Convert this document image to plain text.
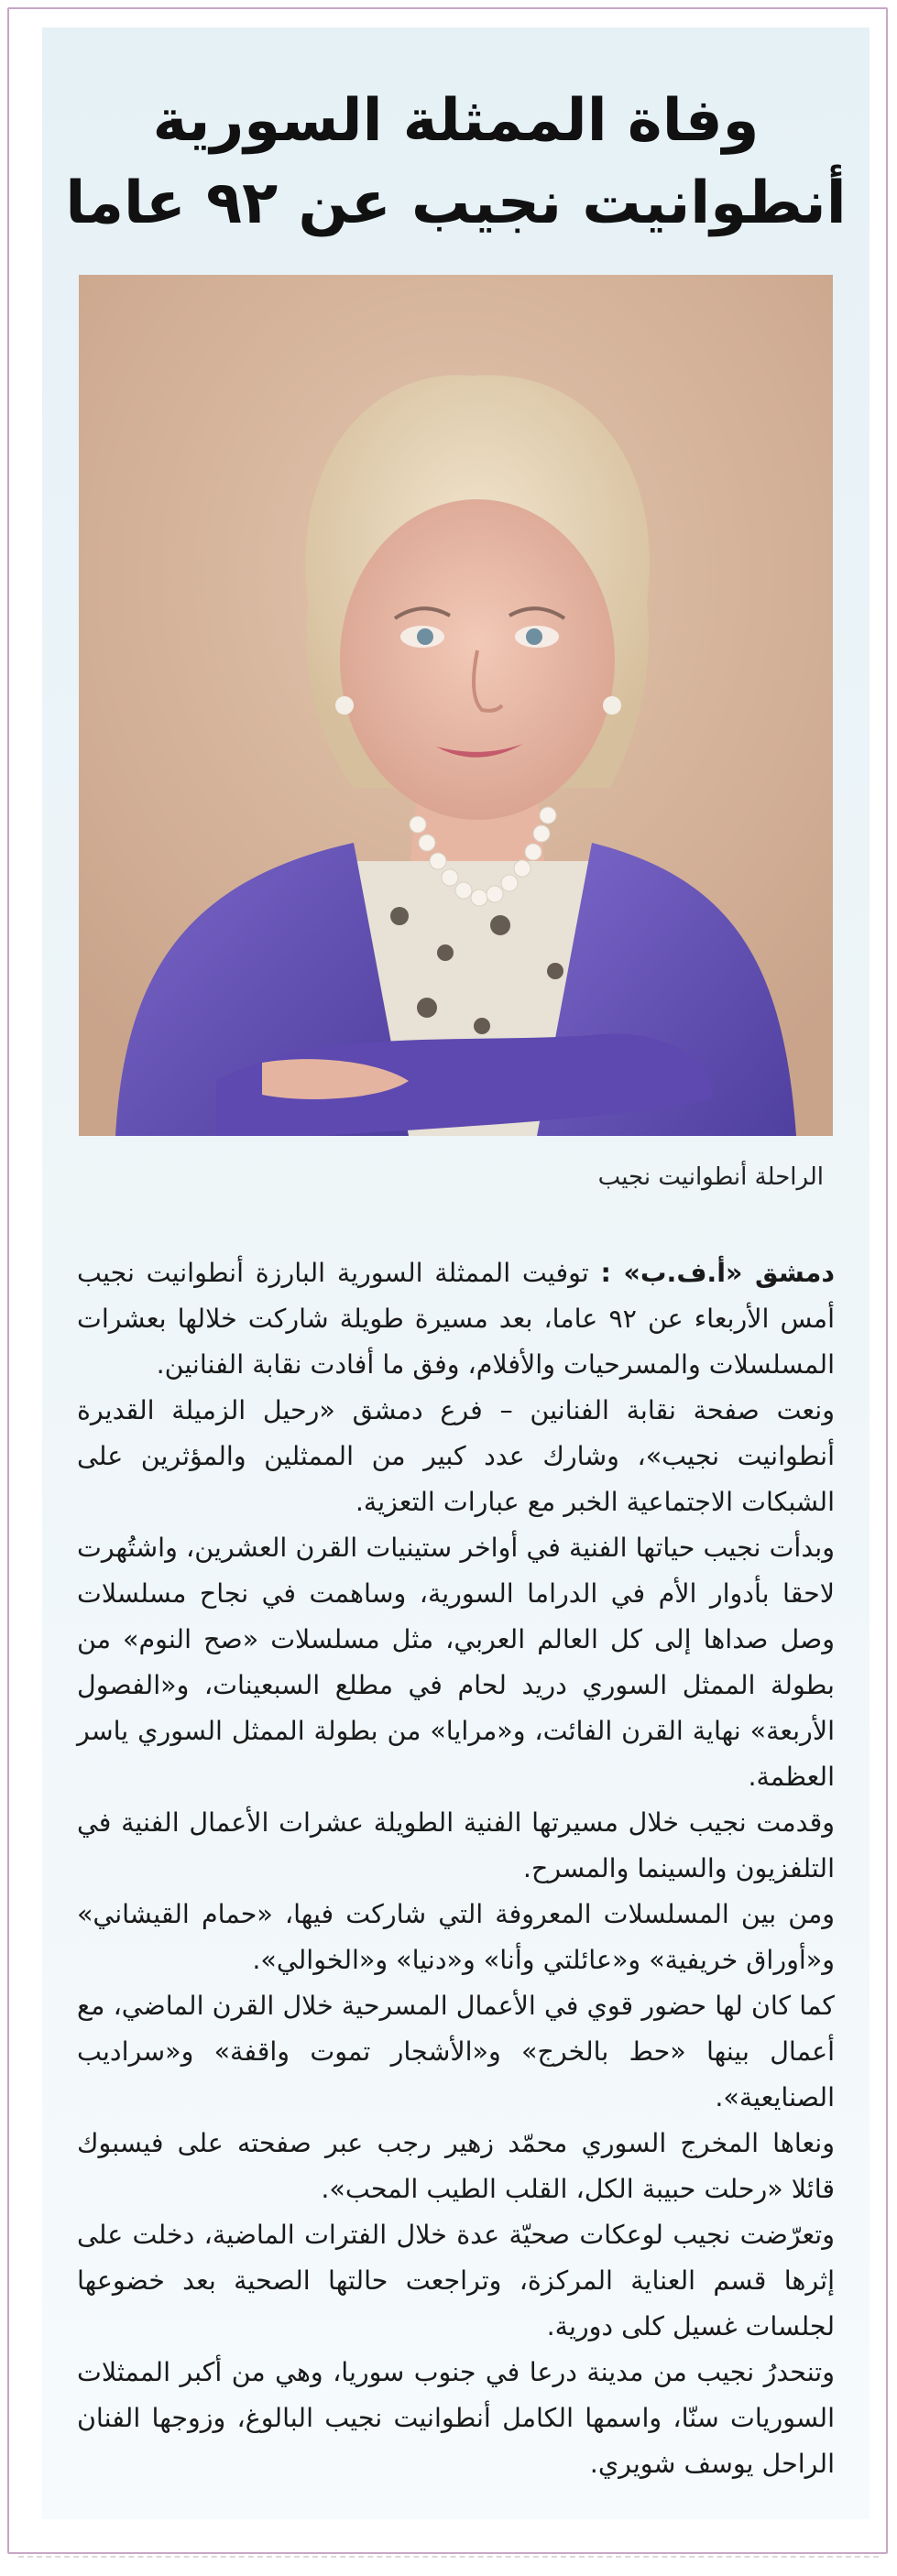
وفاة الممثلة السورية
أنطوانيت نجيب عن ٩٢ عاما
الراحلة أنطوانيت نجيب

دمشق «أ.ف.ب» : توفيت الممثلة السورية البارزة أنطوانيت نجيب أمس الأربعاء عن ٩٢ عاما، بعد مسيرة طويلة شاركت خلالها بعشرات المسلسلات والمسرحيات والأفلام، وفق ما أفادت نقابة الفنانين.

ونعت صفحة نقابة الفنانين – فرع دمشق «رحيل الزميلة القديرة أنطوانيت نجيب»، وشارك عدد كبير من الممثلين والمؤثرين على الشبكات الاجتماعية الخبر مع عبارات التعزية.

وبدأت نجيب حياتها الفنية في أواخر ستينيات القرن العشرين، واشتُهرت لاحقا بأدوار الأم في الدراما السورية، وساهمت في نجاح مسلسلات وصل صداها إلى كل العالم العربي، مثل مسلسلات «صح النوم» من بطولة الممثل السوري دريد لحام في مطلع السبعينات، و«الفصول الأربعة» نهاية القرن الفائت، و«مرايا» من بطولة الممثل السوري ياسر العظمة.

وقدمت نجيب خلال مسيرتها الفنية الطويلة عشرات الأعمال الفنية في التلفزيون والسينما والمسرح.

ومن بين المسلسلات المعروفة التي شاركت فيها، «حمام القيشاني» و«أوراق خريفية» و«عائلتي وأنا» و«دنيا» و«الخوالي».

كما كان لها حضور قوي في الأعمال المسرحية خلال القرن الماضي، مع أعمال بينها «حط بالخرج» و«الأشجار تموت واقفة» و«سراديب الصنايعية».

ونعاها المخرج السوري محمّد زهير رجب عبر صفحته على فيسبوك قائلا «رحلت حبيبة الكل، القلب الطيب المحب».

وتعرّضت نجيب لوعكات صحيّة عدة خلال الفترات الماضية، دخلت على إثرها قسم العناية المركزة، وتراجعت حالتها الصحية بعد خضوعها لجلسات غسيل كلى دورية.

وتنحدرُ نجيب من مدينة درعا في جنوب سوريا، وهي من أكبر الممثلات السوريات سنّا، واسمها الكامل أنطوانيت نجيب البالوغ، وزوجها الفنان الراحل يوسف شويري.
